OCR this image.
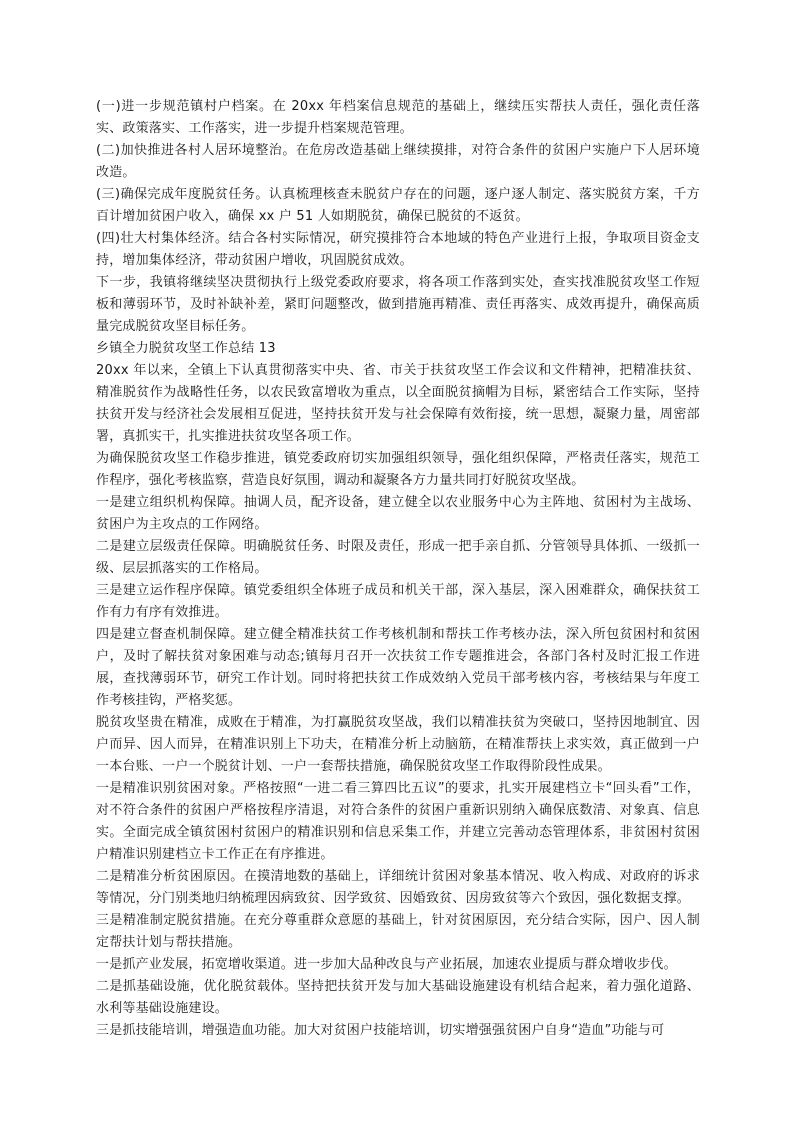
(一)进一步规范镇村户档案。在 20xx 年档案信息规范的基础上，继续压实帮扶人责任，强化责任落实、政策落实、工作落实，进一步提升档案规范管理。

(二)加快推进各村人居环境整治。在危房改造基础上继续摸排，对符合条件的贫困户实施户下人居环境改造。

(三)确保完成年度脱贫任务。认真梳理核查未脱贫户存在的问题，逐户逐人制定、落实脱贫方案，千方百计增加贫困户收入，确保 xx 户 51 人如期脱贫，确保已脱贫的不返贫。

(四)壮大村集体经济。结合各村实际情况，研究摸排符合本地域的特色产业进行上报，争取项目资金支持，增加集体经济，带动贫困户增收，巩固脱贫成效。

下一步，我镇将继续坚决贯彻执行上级党委政府要求，将各项工作落到实处，查实找准脱贫攻坚工作短板和薄弱环节，及时补缺补差，紧盯问题整改，做到措施再精准、责任再落实、成效再提升，确保高质量完成脱贫攻坚目标任务。

乡镇全力脱贫攻坚工作总结 13

20xx 年以来，全镇上下认真贯彻落实中央、省、市关于扶贫攻坚工作会议和文件精神，把精准扶贫、精准脱贫作为战略性任务，以农民致富增收为重点，以全面脱贫摘帽为目标，紧密结合工作实际，坚持扶贫开发与经济社会发展相互促进，坚持扶贫开发与社会保障有效衔接，统一思想，凝聚力量，周密部署，真抓实干，扎实推进扶贫攻坚各项工作。

为确保脱贫攻坚工作稳步推进，镇党委政府切实加强组织领导，强化组织保障，严格责任落实，规范工作程序，强化考核监察，营造良好氛围，调动和凝聚各方力量共同打好脱贫攻坚战。

一是建立组织机构保障。抽调人员，配齐设备，建立健全以农业服务中心为主阵地、贫困村为主战场、贫困户为主攻点的工作网络。

二是建立层级责任保障。明确脱贫任务、时限及责任，形成一把手亲自抓、分管领导具体抓、一级抓一级、层层抓落实的工作格局。

三是建立运作程序保障。镇党委组织全体班子成员和机关干部，深入基层，深入困难群众，确保扶贫工作有力有序有效推进。

四是建立督查机制保障。建立健全精准扶贫工作考核机制和帮扶工作考核办法，深入所包贫困村和贫困户，及时了解扶贫对象困难与动态;镇每月召开一次扶贫工作专题推进会，各部门各村及时汇报工作进展，查找薄弱环节，研究工作计划。同时将把扶贫工作成效纳入党员干部考核内容，考核结果与年度工作考核挂钩，严格奖惩。

脱贫攻坚贵在精准，成败在于精准，为打赢脱贫攻坚战，我们以精准扶贫为突破口，坚持因地制宜、因户而异、因人而异，在精准识别上下功夫，在精准分析上动脑筋，在精准帮扶上求实效，真正做到一户一本台账、一户一个脱贫计划、一户一套帮扶措施，确保脱贫攻坚工作取得阶段性成果。

一是精准识别贫困对象。严格按照“一进二看三算四比五议”的要求，扎实开展建档立卡“回头看”工作，对不符合条件的贫困户严格按程序清退，对符合条件的贫困户重新识别纳入确保底数清、对象真、信息实。全面完成全镇贫困村贫困户的精准识别和信息采集工作，并建立完善动态管理体系，非贫困村贫困户精准识别建档立卡工作正在有序推进。

二是精准分析贫困原因。在摸清地数的基础上，详细统计贫困对象基本情况、收入构成、对政府的诉求等情况，分门别类地归纳梳理因病致贫、因学致贫、因婚致贫、因房致贫等六个致因，强化数据支撑。

三是精准制定脱贫措施。在充分尊重群众意愿的基础上，针对贫困原因，充分结合实际，因户、因人制定帮扶计划与帮扶措施。

一是抓产业发展，拓宽增收渠道。进一步加大品种改良与产业拓展，加速农业提质与群众增收步伐。

二是抓基础设施，优化脱贫载体。坚持把扶贫开发与加大基础设施建设有机结合起来，着力强化道路、水利等基础设施建设。

三是抓技能培训，增强造血功能。加大对贫困户技能培训，切实增强强贫困户自身“造血”功能与可
